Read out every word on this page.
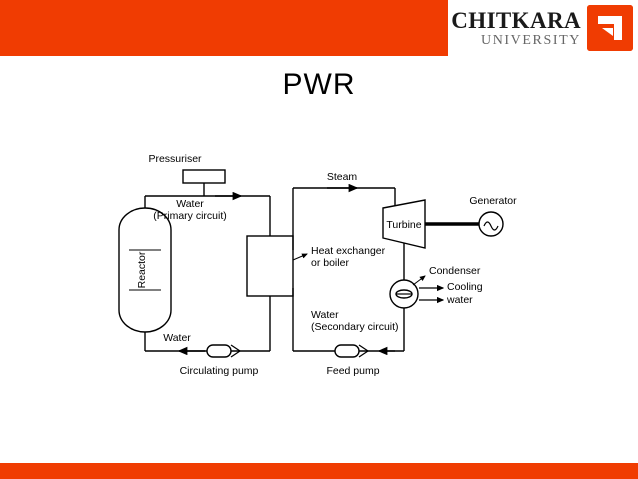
CHITKARA
UNIVERSITY
PWR
Pressuriser
Water
(Primary circuit)
Reactor
Steam
Turbine
Generator
Heat exchanger
or boiler
Condenser
Cooling
water
Water
(Secondary circuit)
Water
Circulating pump	Feed pump
